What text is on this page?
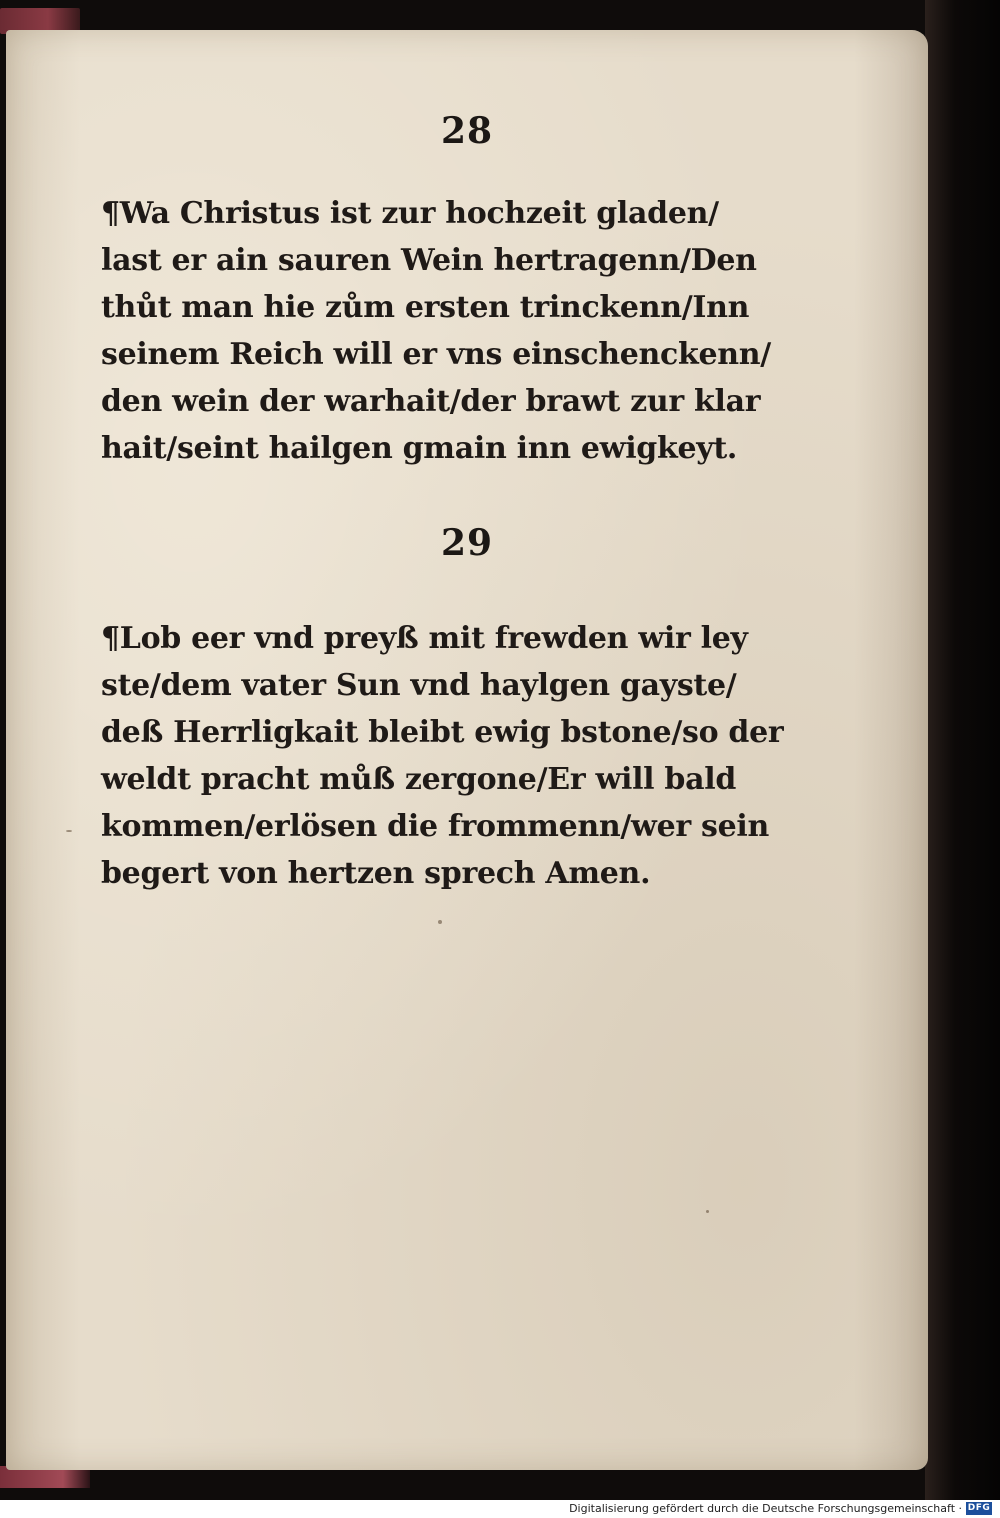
28
¶Wa Christus ist zur hochzeit gladen/
last er ain sauren Wein hertragenn/Den
thůt man hie zům ersten trinckenn/Inn
seinem Reich will er vns einschenckenn/
den wein der warhait/der brawt zur klar
hait/seint hailgen gmain inn ewigkeyt.
29
¶Lob eer vnd preyß mit frewden wir ley
ste/dem vater Sun vnd haylgen gayste/
deß Herrligkait bleibt ewig bstone/so der
weldt pracht můß zergone/Er will bald
kommen/erlösen die frommenn/wer sein
begert von hertzen sprech Amen.
Digitalisierung gefördert durch die Deutsche Forschungsgemeinschaft · DFG
